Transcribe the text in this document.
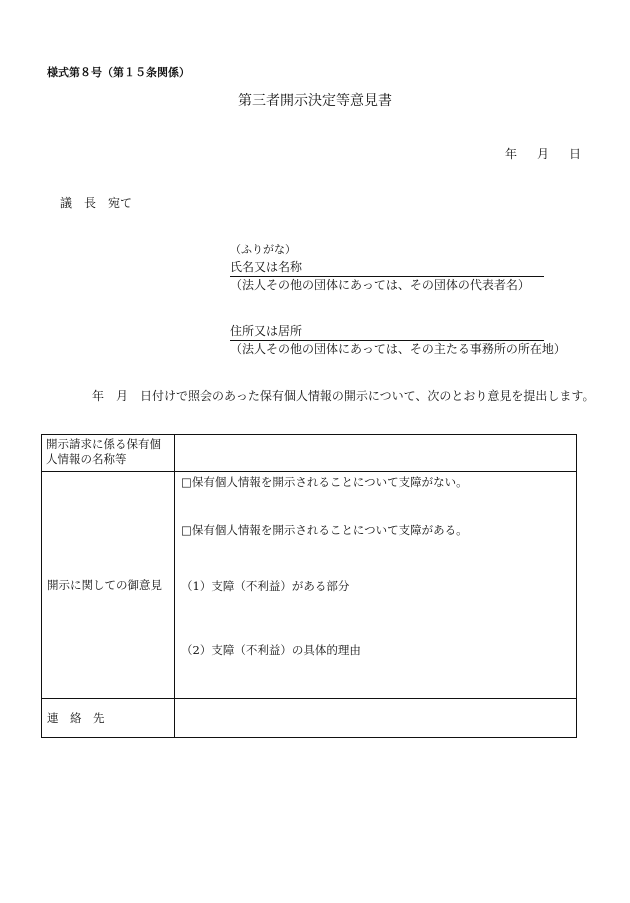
様式第８号（第１５条関係）
第三者開示決定等意見書
年 月 日
議　長　宛て
（ふりがな）
氏名又は名称
（法人その他の団体にあっては、その団体の代表者名）
住所又は居所
（法人その他の団体にあっては、その主たる事務所の所在地）
年　月　日付けで照会のあった保有個人情報の開示について、次のとおり意見を提出します。
開示請求に係る保有個人情報の名称等	
開示に関しての御意見	□保有個人情報を開示されることについて支障がない。
□保有個人情報を開示されることについて支障がある。
（1）支障（不利益）がある部分
（2）支障（不利益）の具体的理由

連　絡　先	
